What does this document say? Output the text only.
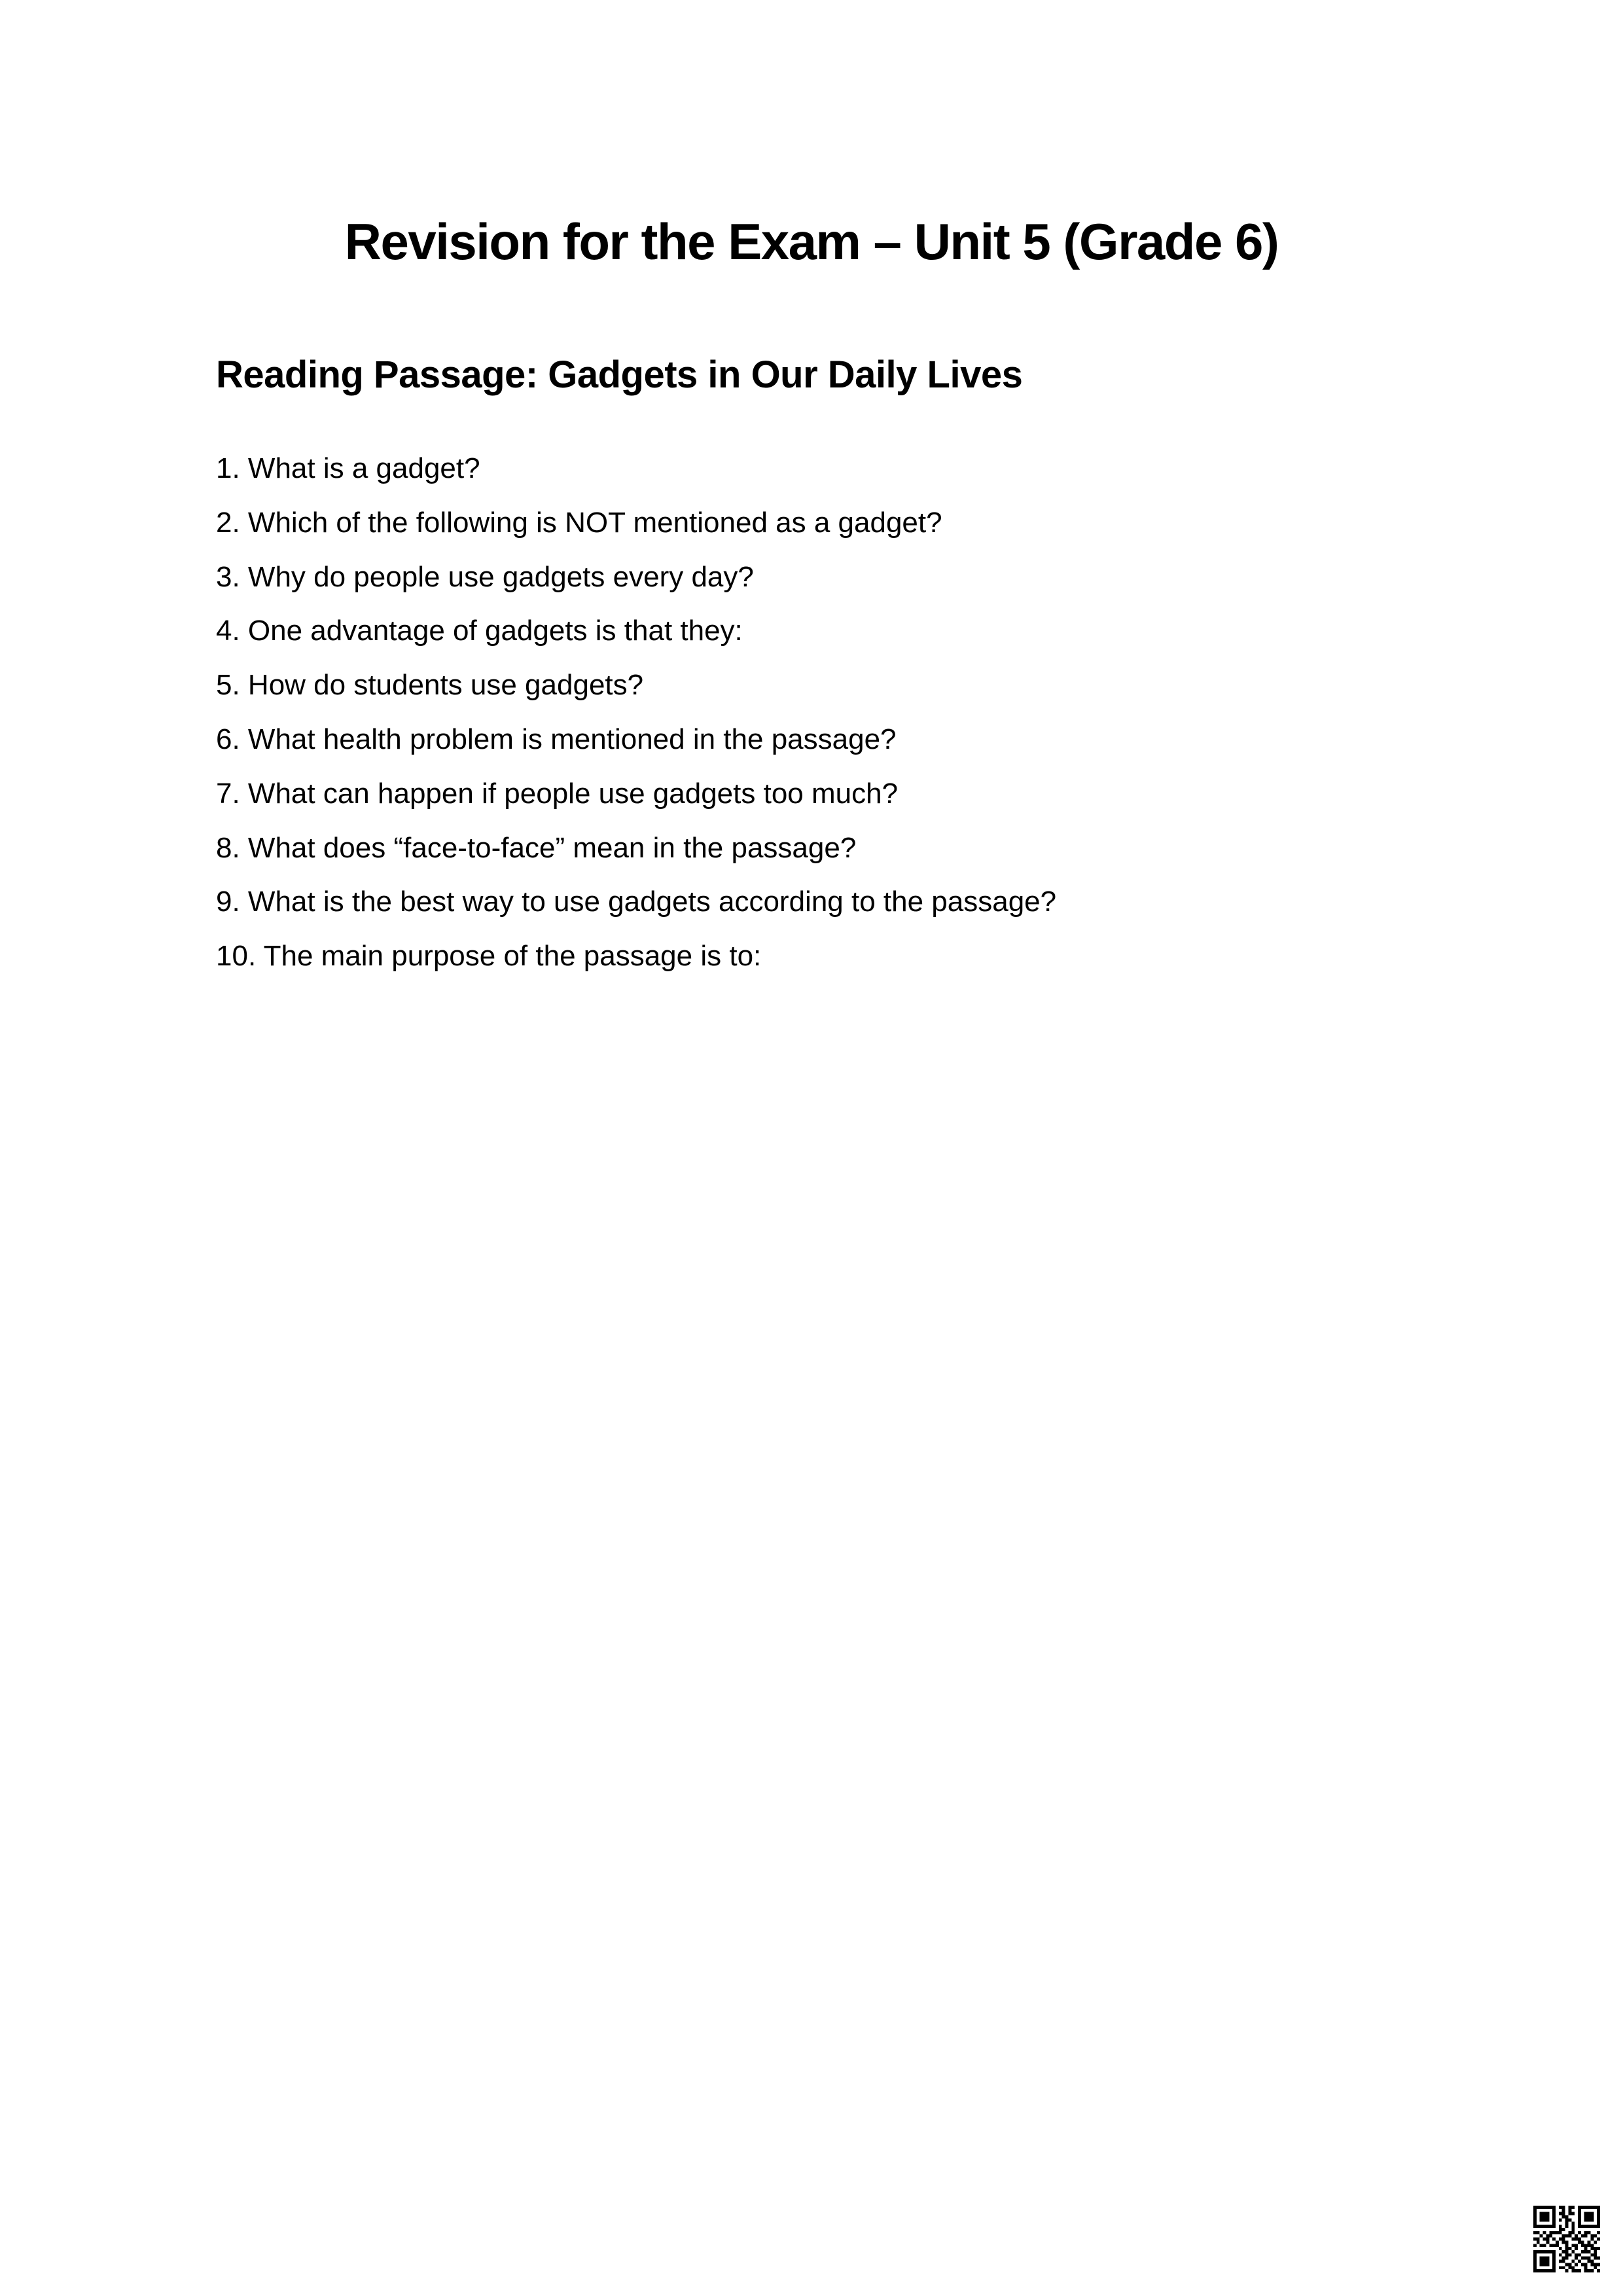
Revision for the Exam – Unit 5 (Grade 6)
Reading Passage: Gadgets in Our Daily Lives
1. What is a gadget?
2. Which of the following is NOT mentioned as a gadget?
3. Why do people use gadgets every day?
4. One advantage of gadgets is that they:
5. How do students use gadgets?
6. What health problem is mentioned in the passage?
7. What can happen if people use gadgets too much?
8. What does “face-to-face” mean in the passage?
9. What is the best way to use gadgets according to the passage?
10. The main purpose of the passage is to:
